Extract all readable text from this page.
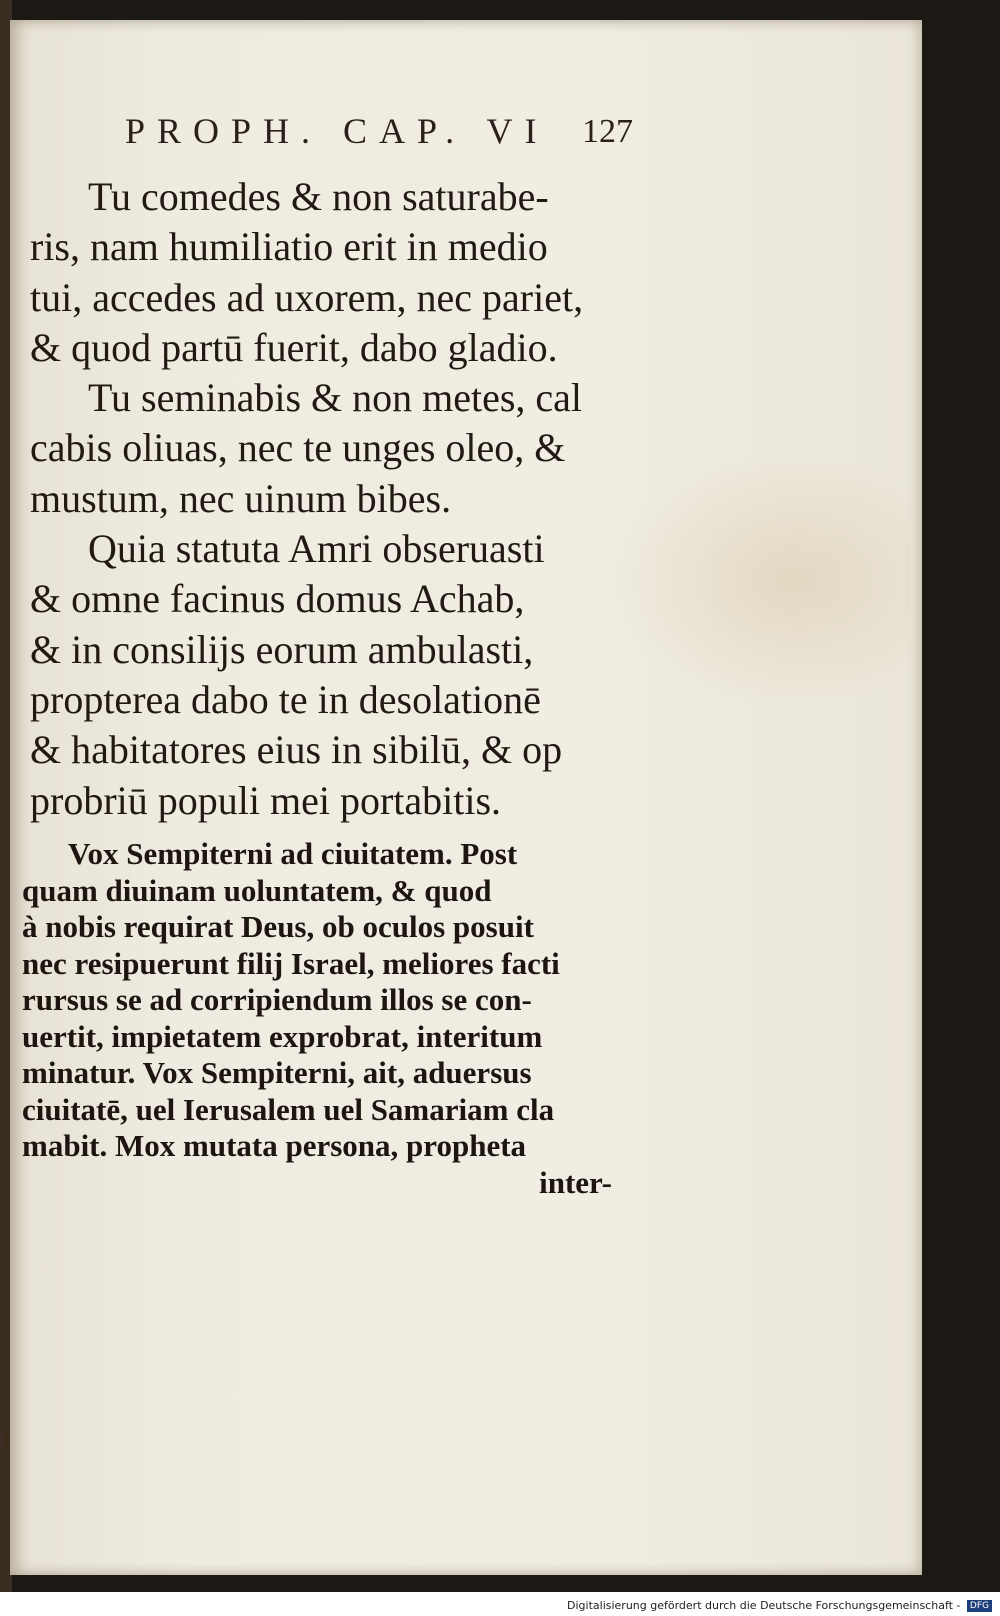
PROPH. CAP. VI 127
Tu comedes & non saturabe-
ris, nam humiliatio erit in medio
tui, accedes ad uxorem, nec pariet,
& quod partū fuerit, dabo gladio.
Tu seminabis & non metes, cal
cabis oliuas, nec te unges oleo, &
mustum, nec uinum bibes.
Quia statuta Amri obseruasti
& omne facinus domus Achab,
& in consilijs eorum ambulasti,
propterea dabo te in desolationē
& habitatores eius in sibilū, & op
probriū populi mei portabitis.
Vox Sempiterni ad ciuitatem. Post
quam diuinam uoluntatem, & quod
à nobis requirat Deus, ob oculos posuit
nec resipuerunt filij Israel, meliores facti
rursus se ad corripiendum illos se con-
uertit, impietatem exprobrat, interitum
minatur. Vox Sempiterni, ait, aduersus
ciuitatē, uel Ierusalem uel Samariam cla
mabit. Mox mutata persona, propheta
inter-
Digitalisierung gefördert durch die Deutsche Forschungsgemeinschaft - DFG
